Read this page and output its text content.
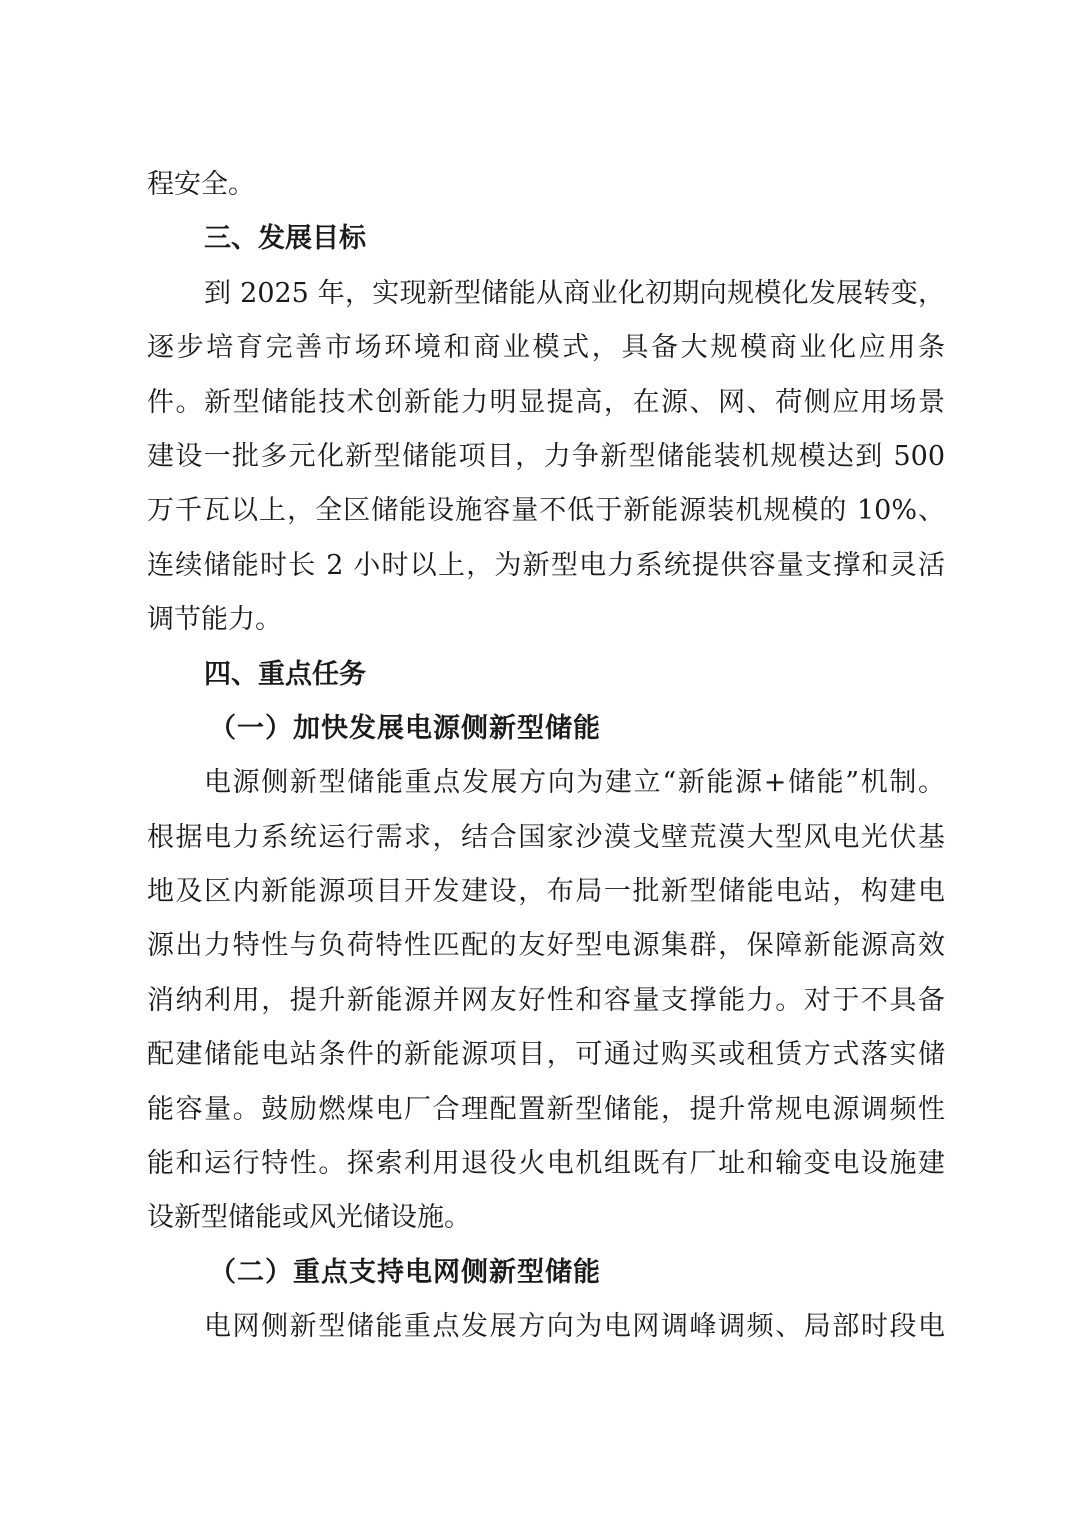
程安全。
三、发展目标
到 2025 年，实现新型储能从商业化初期向规模化发展转变，
逐步培育完善市场环境和商业模式，具备大规模商业化应用条
件。新型储能技术创新能力明显提高，在源、网、荷侧应用场景
建设一批多元化新型储能项目，力争新型储能装机规模达到 500
万千瓦以上，全区储能设施容量不低于新能源装机规模的 10%、
连续储能时长 2 小时以上，为新型电力系统提供容量支撑和灵活
调节能力。
四、重点任务
（一）加快发展电源侧新型储能
电源侧新型储能重点发展方向为建立“新能源+储能”机制。
根据电力系统运行需求，结合国家沙漠戈壁荒漠大型风电光伏基
地及区内新能源项目开发建设，布局一批新型储能电站，构建电
源出力特性与负荷特性匹配的友好型电源集群，保障新能源高效
消纳利用，提升新能源并网友好性和容量支撑能力。对于不具备
配建储能电站条件的新能源项目，可通过购买或租赁方式落实储
能容量。鼓励燃煤电厂合理配置新型储能，提升常规电源调频性
能和运行特性。探索利用退役火电机组既有厂址和输变电设施建
设新型储能或风光储设施。
（二）重点支持电网侧新型储能
电网侧新型储能重点发展方向为电网调峰调频、局部时段电
